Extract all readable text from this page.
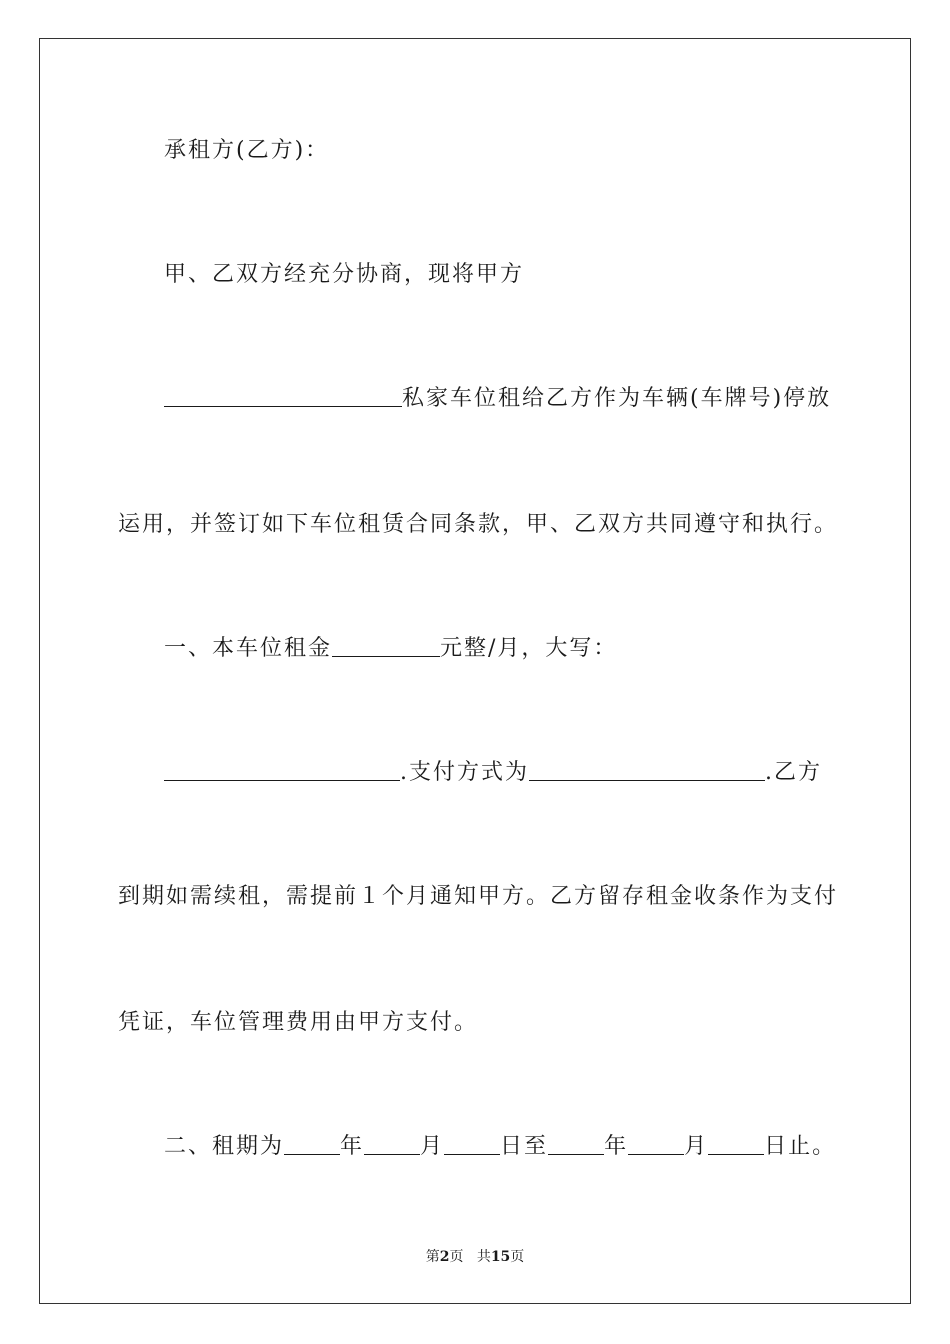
承租方(乙方)：
甲、乙双方经充分协商，现将甲方
私家车位租给乙方作为车辆(车牌号)停放
运用，并签订如下车位租赁合同条款，甲、乙双方共同遵守和执行。
一、本车位租金	元整/月，大写：
.支付方式为	.乙方
到期如需续租，需提前１个月通知甲方。乙方留存租金收条作为支付
凭证，车位管理费用由甲方支付。
二、租期为	年	月	日至	年	月	日止。
第2页 共15页
